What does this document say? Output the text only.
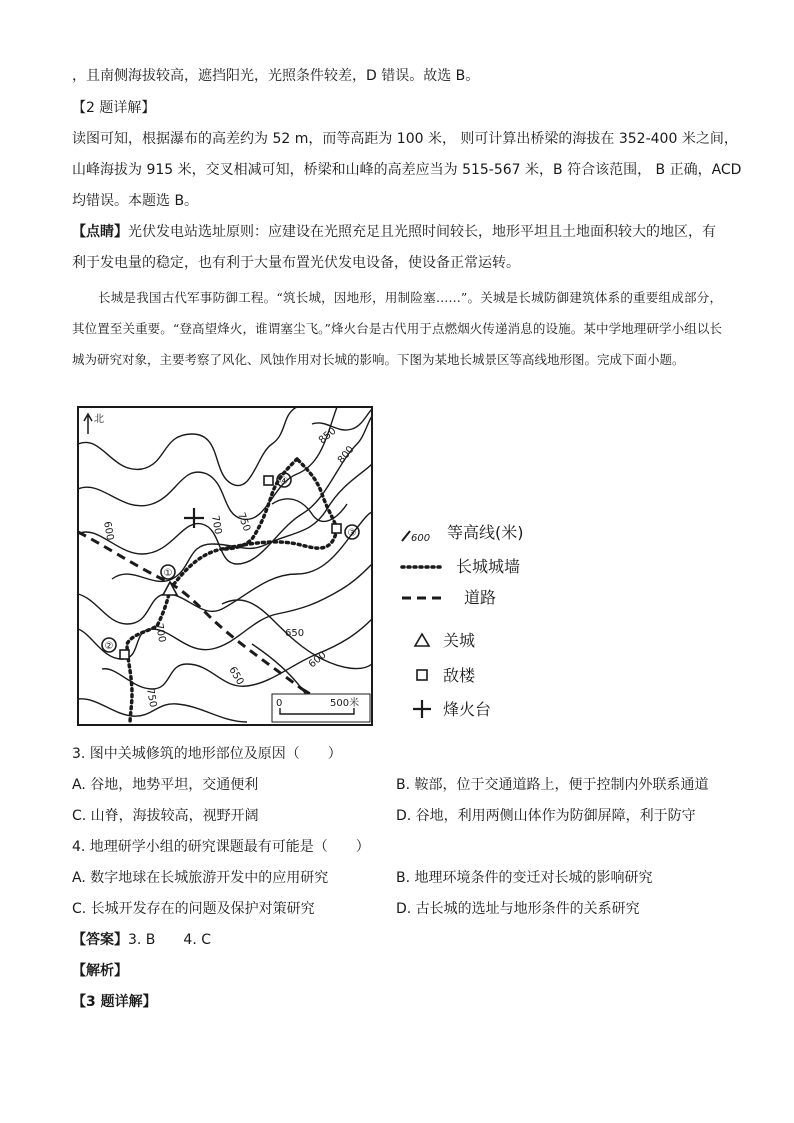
，且南侧海拔较高，遮挡阳光，光照条件较差，D 错误。故选 B。
【2 题详解】
读图可知，根据瀑布的高差约为 52 m，而等高距为 100 米， 则可计算出桥梁的海拔在 352-400 米之间，
山峰海拔为 915 米，交叉相减可知，桥梁和山峰的高差应当为 515-567 米，B 符合该范围， B 正确，ACD
均错误。本题选 B。
【点睛】光伏发电站选址原则：应建设在光照充足且光照时间较长，地形平坦且土地面积较大的地区，有
利于发电量的稳定，也有利于大量布置光伏发电设备，使设备正常运转。
长城是我国古代军事防御工程。“筑长城，因地形，用制险塞……”。关城是长城防御建筑体系的重要组成部分，其位置至关重要。“登高望烽火，谁谓塞尘飞。”烽火台是古代用于点燃烟火传递消息的设施。某中学地理研学小组以长城为研究对象，主要考察了风化、风蚀作用对长城的影响。下图为某地长城景区等高线地形图。完成下面小题。
①
②
③
④
850
800
750
700
600
700	650
650
600
750
北
0	500米
600 等高线(米)
长城城墙
道路
关城
敌楼
烽火台
3. 图中关城修筑的地形部位及原因（　　）
A. 谷地，地势平坦，交通便利	B. 鞍部，位于交通道路上，便于控制内外联系通道
C. 山脊，海拔较高，视野开阔	D. 谷地，利用两侧山体作为防御屏障，利于防守
4. 地理研学小组的研究课题最有可能是（　　）
A. 数字地球在长城旅游开发中的应用研究	B. 地理环境条件的变迁对长城的影响研究
C. 长城开发存在的问题及保护对策研究	D. 古长城的选址与地形条件的关系研究
【答案】3. B　　4. C
【解析】
【3 题详解】
